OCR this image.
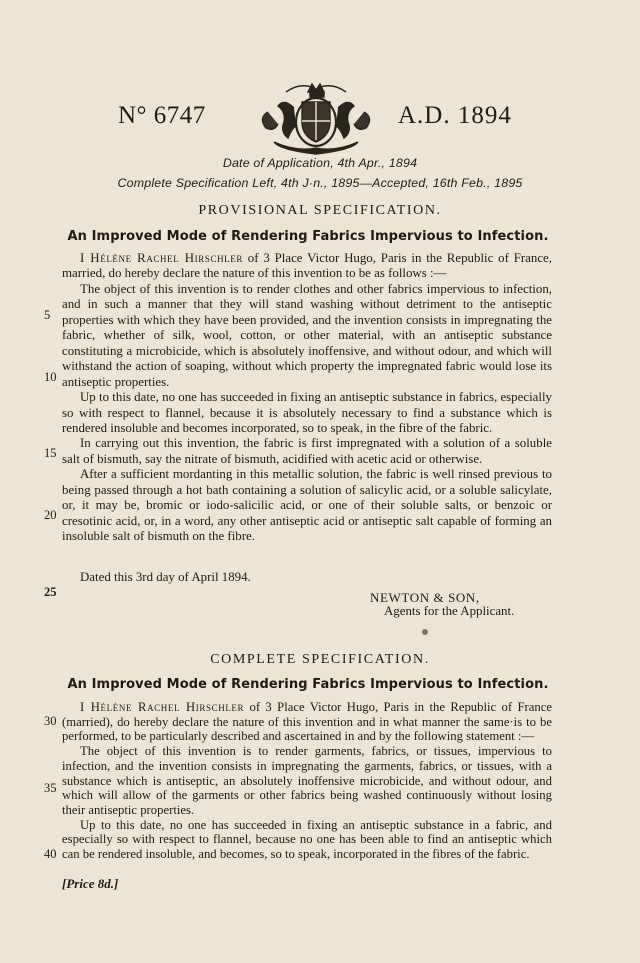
N° 6747	A.D. 1894
Date of Application, 4th Apr., 1894
Complete Specification Left, 4th J·n., 1895—Accepted, 16th Feb., 1895
PROVISIONAL SPECIFICATION.
An Improved Mode of Rendering Fabrics Impervious to Infection.

I Hélène Rachel Hirschler of 3 Place Victor Hugo, Paris in the Republic of France, married, do hereby declare the nature of this invention to be as follows :—

The object of this invention is to render clothes and other fabrics impervious to infection, and in such a manner that they will stand washing without detriment to the antiseptic properties with which they have been provided, and the invention consists in impregnating the fabric, whether of silk, wool, cotton, or other material, with an antiseptic substance constituting a microbicide, which is absolutely inoffensive, and without odour, and which will withstand the action of soaping, without which property the impregnated fabric would lose its antiseptic properties.

Up to this date, no one has succeeded in fixing an antiseptic substance in fabrics, especially so with respect to flannel, because it is absolutely necessary to find a substance which is rendered insoluble and becomes incorporated, so to speak, in the fibre of the fabric.

In carrying out this invention, the fabric is first impregnated with a solution of a soluble salt of bismuth, say the nitrate of bismuth, acidified with acetic acid or otherwise.

After a sufficient mordanting in this metallic solution, the fabric is well rinsed previous to being passed through a hot bath containing a solution of salicylic acid, or a soluble salicylate, or, it may be, bromic or iodo-salicilic acid, or one of their soluble salts, or benzoic or cresotinic acid, or, in a word, any other antiseptic acid or antiseptic salt capable of forming an insoluble salt of bismuth on the fibre.

Dated this 3rd day of April 1894.
NEWTON & SON,
Agents for the Applicant.
COMPLETE SPECIFICATION.
An Improved Mode of Rendering Fabrics Impervious to Infection.

I Hélène Rachel Hirschler of 3 Place Victor Hugo, Paris in the Republic of France (married), do hereby declare the nature of this invention and in what manner the same·is to be performed, to be particularly described and ascertained in and by the following statement :—

The object of this invention is to render garments, fabrics, or tissues, impervious to infection, and the invention consists in impregnating the garments, fabrics, or tissues, with a substance which is antiseptic, an absolutely inoffensive microbicide, and without odour, and which will allow of the garments or other fabrics being washed continuously without losing their antiseptic properties.

Up to this date, no one has succeeded in fixing an antiseptic substance in a fabric, and especially so with respect to flannel, because no one has been able to find an antiseptic which can be rendered insoluble, and becomes, so to speak, incorporated in the fibres of the fabric.

5
10
15
20
25
30
35
40
[Price 8d.]
